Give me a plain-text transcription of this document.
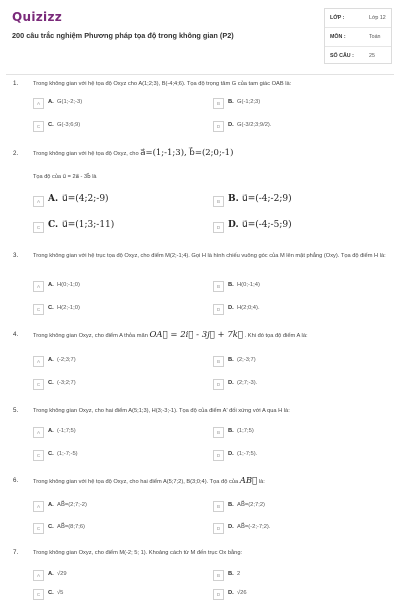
Quizizz
200 câu trắc nghiệm Phương pháp tọa độ trong không gian (P2)
LỚP :	Lớp 12
MÔN :	Toán
SỐ CÂU :	25
1.	Trong không gian với hệ tọa độ Oxyz cho A(1;2;3), B(-4;4;6). Tọa độ trọng tâm G của tam giác OAB là:
A	A. G(1;-2;-3)	B	B. G(-1;2;3)
C	C. G(-3;6;9)	D	D. G(-3/2;3;9/2).
2.	Trong không gian với hệ tọa độ Oxyz, cho a⃗=(1;-1;3), b⃗=(2;0;-1)
Tọa độ của u⃗ = 2a⃗ - 3b⃗ là
A A. u⃗=(4;2;-9)	B B. u⃗=(-4;-2;9)
C C. u⃗=(1;3;-11)	D D. u⃗=(-4;-5;9)
3.	Trong không gian với hệ trục tọa độ Oxyz, cho điểm M(2;-1;4). Gọi H là hình chiếu vuông góc của M lên mặt phẳng (Oxy). Tọa độ điểm H là:
A	A. H(0;-1;0)	B	B. H(0;-1;4)
C	C. H(2;-1;0)	D	D. H(2;0;4).
4.	Trong không gian Oxyz, cho điểm A thỏa mãn OA⃗ = 2i⃗ - 3j⃗ + 7k⃗ . Khi đó tọa độ điểm A là:
A	A. (-2;3;7)	B	B. (2;-3;7)
C	C. (-3;2;7)	D	D. (2;7;-3).
5.	Trong không gian Oxyz, cho hai điểm A(5;1;3), H(3;-3;-1). Tọa độ của điểm A' đối xứng với A qua H là:
A	A. (-1;7;5)	B	B. (1;7;5)
C	C. (1;-7;-5)	D	D. (1;-7;5).
6.	Trong không gian với hệ tọa độ Oxyz, cho hai điểm A(5;7;2), B(3;0;4). Tọa độ của AB⃗ là:
A	A. AB⃗=(2;7;-2)	B	B. AB⃗=(2;7;2)
C	C. AB⃗=(8;7;6)	D	D. AB⃗=(-2;-7;2).
7.	Trong không gian Oxyz, cho điểm M(-2; 5; 1). Khoảng cách từ M đến trục Ox bằng:
A	A. √29	B	B. 2
C	C. √5	D	D. √26
